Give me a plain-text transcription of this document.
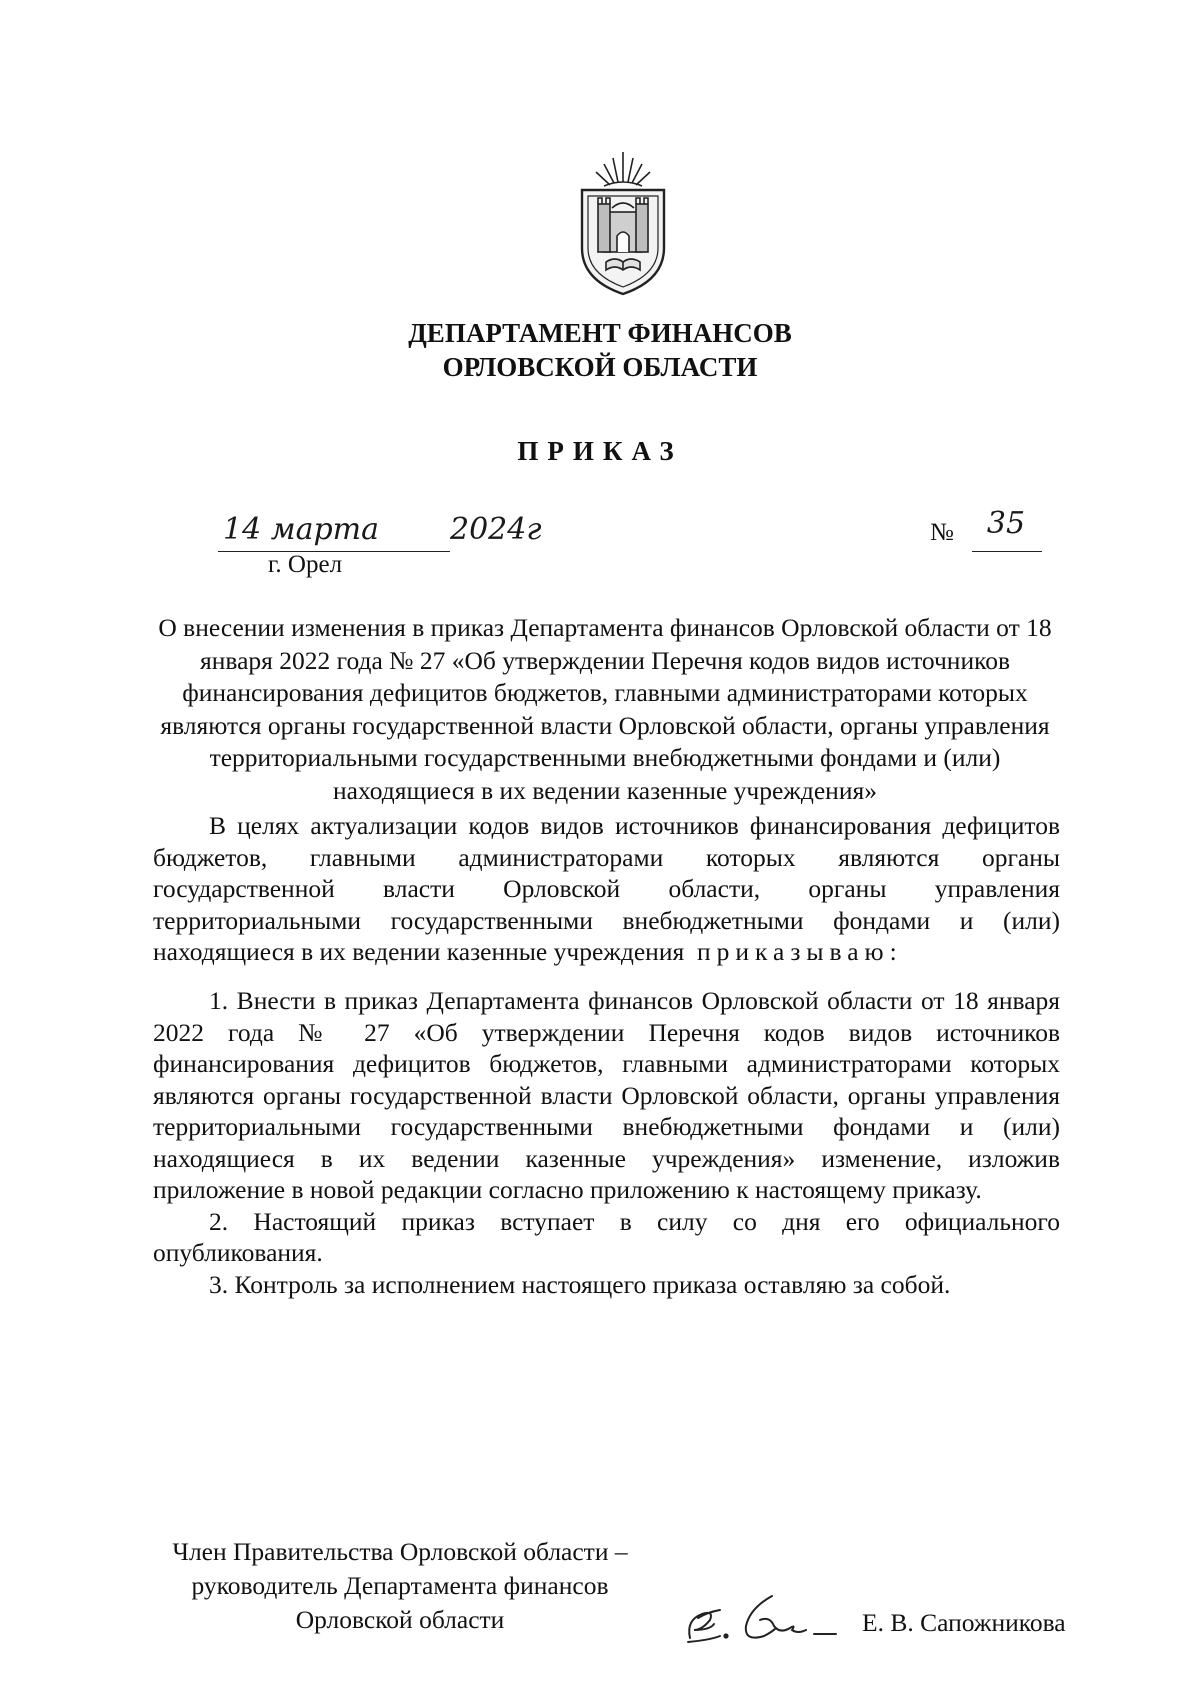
ДЕПАРТАМЕНТ ФИНАНСОВ
ОРЛОВСКОЙ ОБЛАСТИ
ПРИКАЗ
14 марта	2024г
г. Орел
№	35
О внесении изменения в приказ Департамента финансов Орловской области от 18 января 2022 года № 27 «Об утверждении Перечня кодов видов источников финансирования дефицитов бюджетов, главными администраторами которых являются органы государственной власти Орловской области, органы управления территориальными государственными внебюджетными фондами и (или) находящиеся в их ведении казенные учреждения»

В целях актуализации кодов видов источников финансирования дефицитов бюджетов, главными администраторами которых являются органы государственной власти Орловской области, органы управления территориальными государственными внебюджетными фондами и (или) находящиеся в их ведении казенные учреждения приказываю:

1. Внести в приказ Департамента финансов Орловской области от 18 января 2022 года № 27 «Об утверждении Перечня кодов видов источников финансирования дефицитов бюджетов, главными администраторами которых являются органы государственной власти Орловской области, органы управления территориальными государственными внебюджетными фондами и (или) находящиеся в их ведении казенные учреждения» изменение, изложив приложение в новой редакции согласно приложению к настоящему приказу.

2. Настоящий приказ вступает в силу со дня его официального опубликования.

3. Контроль за исполнением настоящего приказа оставляю за собой.

Член Правительства Орловской области –
руководитель Департамента финансов
Орловской области	Е. В. Сапожникова
